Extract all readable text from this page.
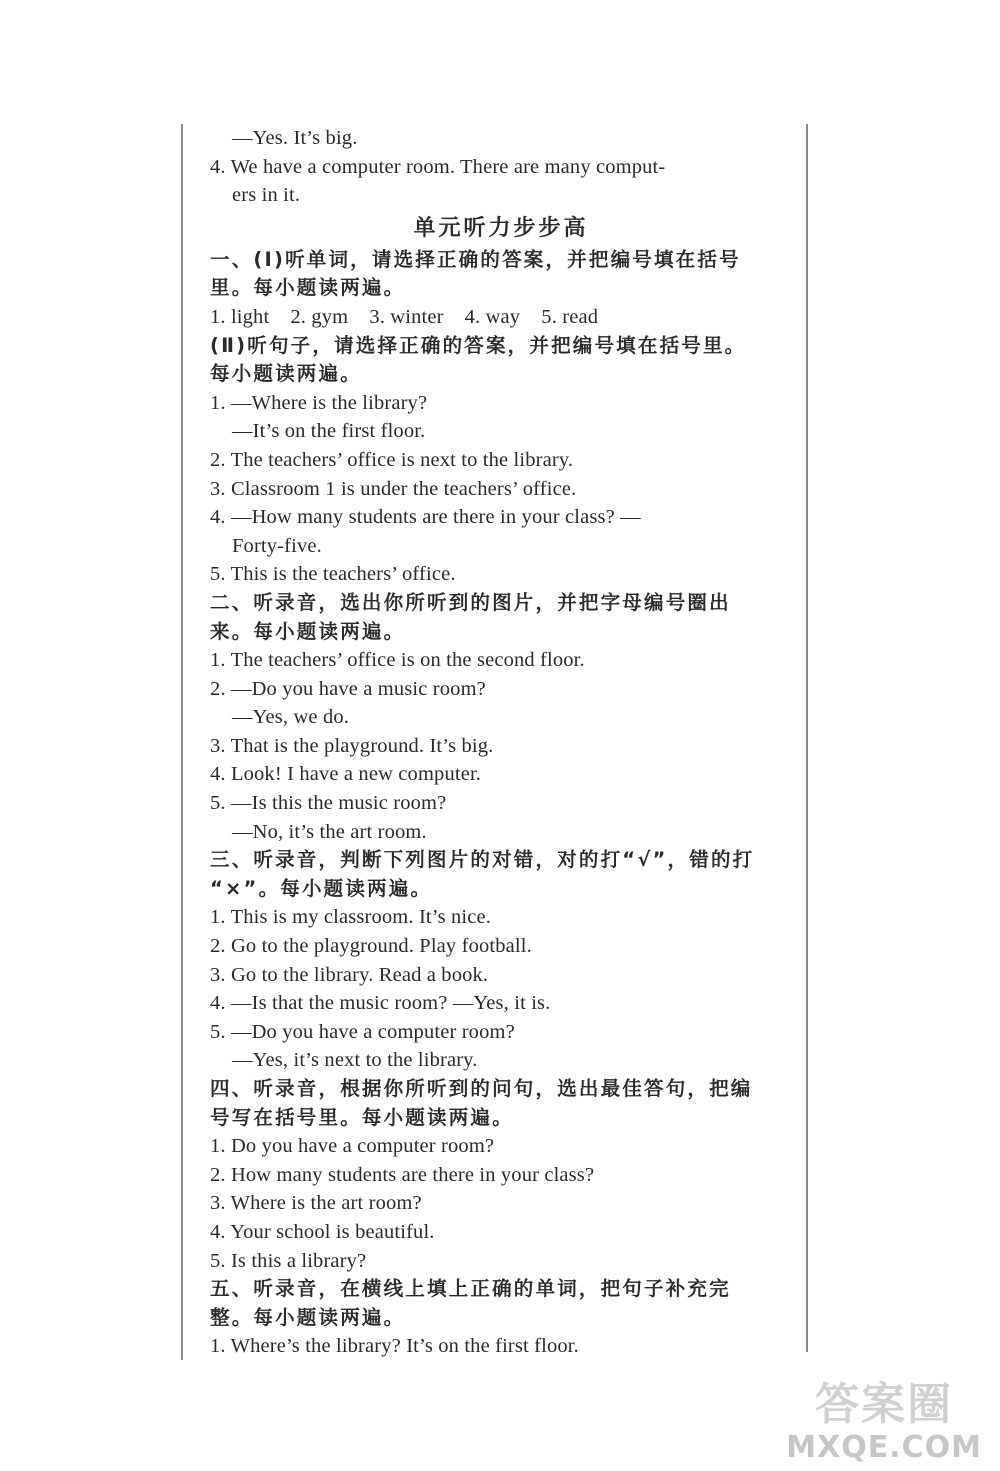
—Yes. It’s big.
4. We have a computer room. There are many comput-
ers in it.
单元听力步步高
一、(Ⅰ)听单词，请选择正确的答案，并把编号填在括号
里。每小题读两遍。
1. light    2. gym    3. winter    4. way    5. read
(Ⅱ)听句子，请选择正确的答案，并把编号填在括号里。
每小题读两遍。
1. —Where is the library?
—It’s on the first floor.
2. The teachers’ office is next to the library.
3. Classroom 1 is under the teachers’ office.
4. —How many students are there in your class? —
Forty-five.
5. This is the teachers’ office.
二、听录音，选出你所听到的图片，并把字母编号圈出
来。每小题读两遍。
1. The teachers’ office is on the second floor.
2. —Do you have a music room?
—Yes, we do.
3. That is the playground. It’s big.
4. Look! I have a new computer.
5. —Is this the music room?
—No, it’s the art room.
三、听录音，判断下列图片的对错，对的打“√”，错的打
“×”。每小题读两遍。
1. This is my classroom. It’s nice.
2. Go to the playground. Play football.
3. Go to the library. Read a book.
4. —Is that the music room? —Yes, it is.
5. —Do you have a computer room?
—Yes, it’s next to the library.
四、听录音，根据你所听到的问句，选出最佳答句，把编
号写在括号里。每小题读两遍。
1. Do you have a computer room?
2. How many students are there in your class?
3. Where is the art room?
4. Your school is beautiful.
5. Is this a library?
五、听录音，在横线上填上正确的单词，把句子补充完
整。每小题读两遍。
1. Where’s the library? It’s on the first floor.
答案圈
MXQE.COM
